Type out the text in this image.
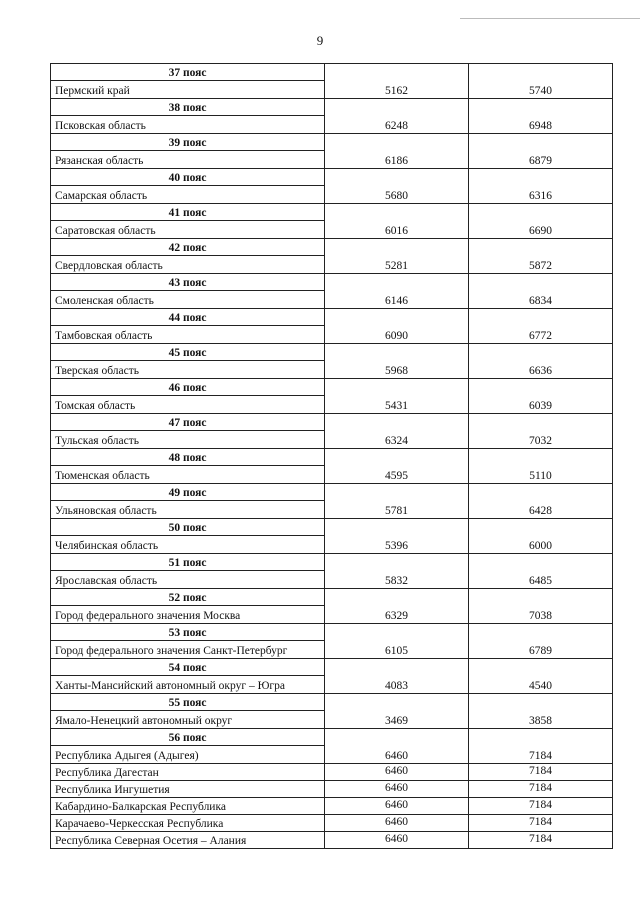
9
37 пояс		
Пермский край	5162	5740
38 пояс		
Псковская область	6248	6948
39 пояс		
Рязанская область	6186	6879
40 пояс		
Самарская область	5680	6316
41 пояс		
Саратовская область	6016	6690
42 пояс		
Свердловская область	5281	5872
43 пояс		
Смоленская область	6146	6834
44 пояс		
Тамбовская область	6090	6772
45 пояс		
Тверская область	5968	6636
46 пояс		
Томская область	5431	6039
47 пояс		
Тульская область	6324	7032
48 пояс		
Тюменская область	4595	5110
49 пояс		
Ульяновская область	5781	6428
50 пояс		
Челябинская область	5396	6000
51 пояс		
Ярославская область	5832	6485
52 пояс		
Город федерального значения Москва	6329	7038
53 пояс		
Город федерального значения Санкт-Петербург	6105	6789
54 пояс		
Ханты-Мансийский автономный округ – Югра	4083	4540
55 пояс		
Ямало-Ненецкий автономный округ	3469	3858
56 пояс		
Республика Адыгея (Адыгея)	6460	7184
Республика Дагестан	6460	7184
Республика Ингушетия	6460	7184
Кабардино-Балкарская Республика	6460	7184
Карачаево-Черкесская Республика	6460	7184
Республика Северная Осетия – Алания	6460	7184
